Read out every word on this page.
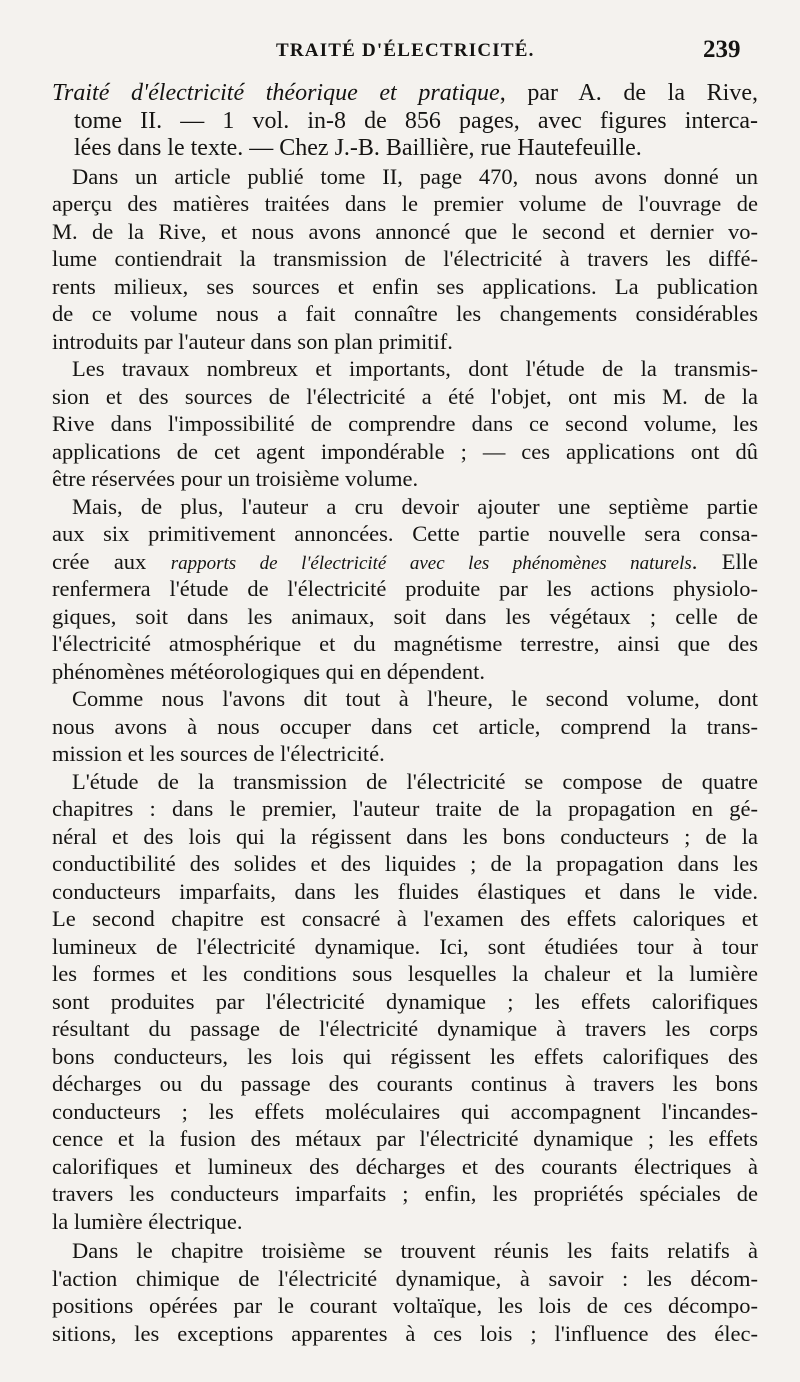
TRAITÉ D'ÉLECTRICITÉ.	239
Traité d'électricité théorique et pratique, par A. de la Rive,
tome II. — 1 vol. in-8 de 856 pages, avec figures interca-
lées dans le texte. — Chez J.-B. Baillière, rue Hautefeuille.
Dans un article publié tome II, page 470, nous avons donné un
aperçu des matières traitées dans le premier volume de l'ouvrage de
M. de la Rive, et nous avons annoncé que le second et dernier vo-
lume contiendrait la transmission de l'électricité à travers les diffé-
rents milieux, ses sources et enfin ses applications. La publication
de ce volume nous a fait connaître les changements considérables
introduits par l'auteur dans son plan primitif.
Les travaux nombreux et importants, dont l'étude de la transmis-
sion et des sources de l'électricité a été l'objet, ont mis M. de la
Rive dans l'impossibilité de comprendre dans ce second volume, les
applications de cet agent impondérable ; — ces applications ont dû
être réservées pour un troisième volume.
Mais, de plus, l'auteur a cru devoir ajouter une septième partie
aux six primitivement annoncées. Cette partie nouvelle sera consa-
crée aux rapports de l'électricité avec les phénomènes naturels. Elle
renfermera l'étude de l'électricité produite par les actions physiolo-
giques, soit dans les animaux, soit dans les végétaux ; celle de
l'électricité atmosphérique et du magnétisme terrestre, ainsi que des
phénomènes météorologiques qui en dépendent.
Comme nous l'avons dit tout à l'heure, le second volume, dont
nous avons à nous occuper dans cet article, comprend la trans-
mission et les sources de l'électricité.
L'étude de la transmission de l'électricité se compose de quatre
chapitres : dans le premier, l'auteur traite de la propagation en gé-
néral et des lois qui la régissent dans les bons conducteurs ; de la
conductibilité des solides et des liquides ; de la propagation dans les
conducteurs imparfaits, dans les fluides élastiques et dans le vide.
Le second chapitre est consacré à l'examen des effets caloriques et
lumineux de l'électricité dynamique. Ici, sont étudiées tour à tour
les formes et les conditions sous lesquelles la chaleur et la lumière
sont produites par l'électricité dynamique ; les effets calorifiques
résultant du passage de l'électricité dynamique à travers les corps
bons conducteurs, les lois qui régissent les effets calorifiques des
décharges ou du passage des courants continus à travers les bons
conducteurs ; les effets moléculaires qui accompagnent l'incandes-
cence et la fusion des métaux par l'électricité dynamique ; les effets
calorifiques et lumineux des décharges et des courants électriques à
travers les conducteurs imparfaits ; enfin, les propriétés spéciales de
la lumière électrique.
Dans le chapitre troisième se trouvent réunis les faits relatifs à
l'action chimique de l'électricité dynamique, à savoir : les décom-
positions opérées par le courant voltaïque, les lois de ces décompo-
sitions, les exceptions apparentes à ces lois ; l'influence des élec-
